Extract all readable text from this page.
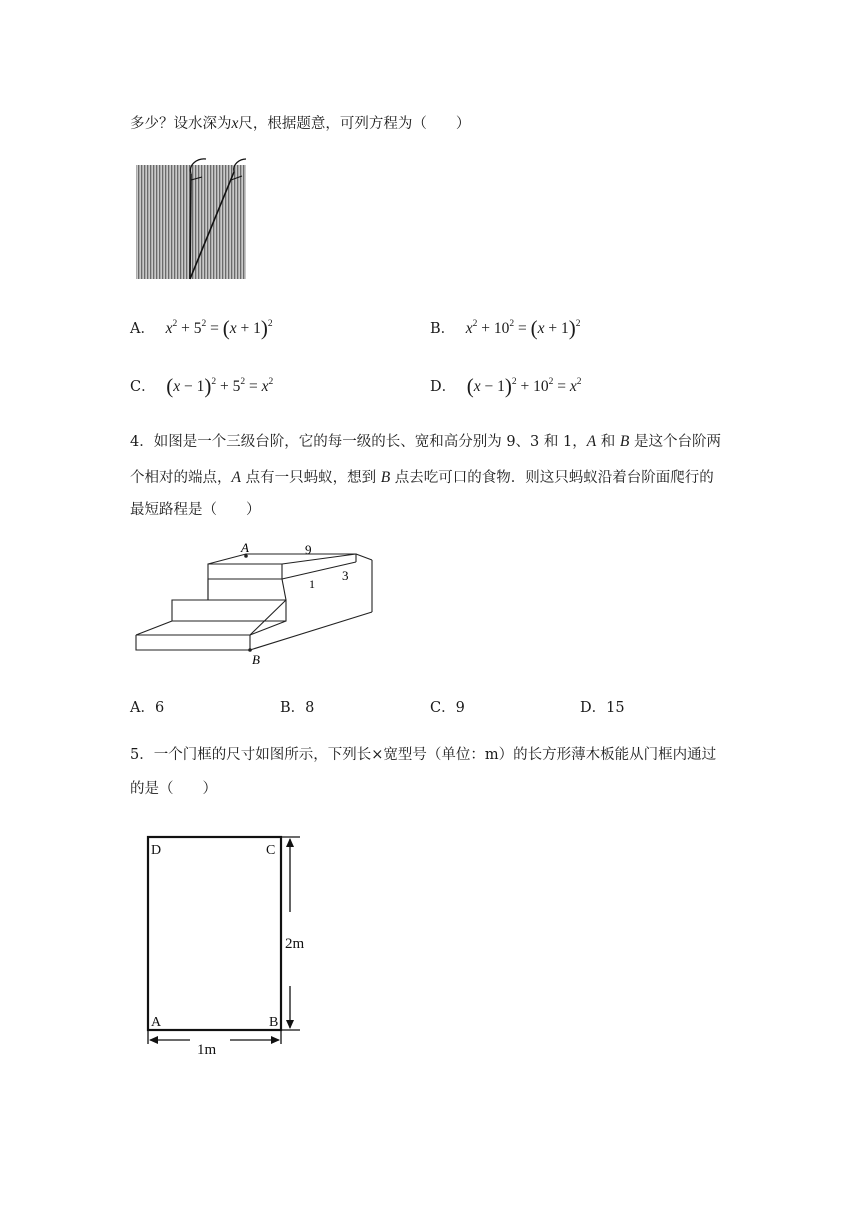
多少？设水深为x尺，根据题意，可列方程为（　　）
A． $x^2 + 5^2 = (x + 1)^2$	B． $x^2 + 10^2 = (x + 1)^2$
C． $(x - 1)^2 + 5^2 = x^2$	D． $(x - 1)^2 + 10^2 = x^2$
4．如图是一个三级台阶，它的每一级的长、宽和高分别为 9、3 和 1，A 和 B 是这个台阶两
个相对的端点，A 点有一只蚂蚁，想到 B 点去吃可口的食物．则这只蚂蚁沿着台阶面爬行的
最短路程是（　　）
A
B
9
3
1
A．6	B．8	C．9	D．15
5．一个门框的尺寸如图所示，下列长×宽型号（单位：m）的长方形薄木板能从门框内通过
的是（　　）
D	C
A	B
2m
1m
